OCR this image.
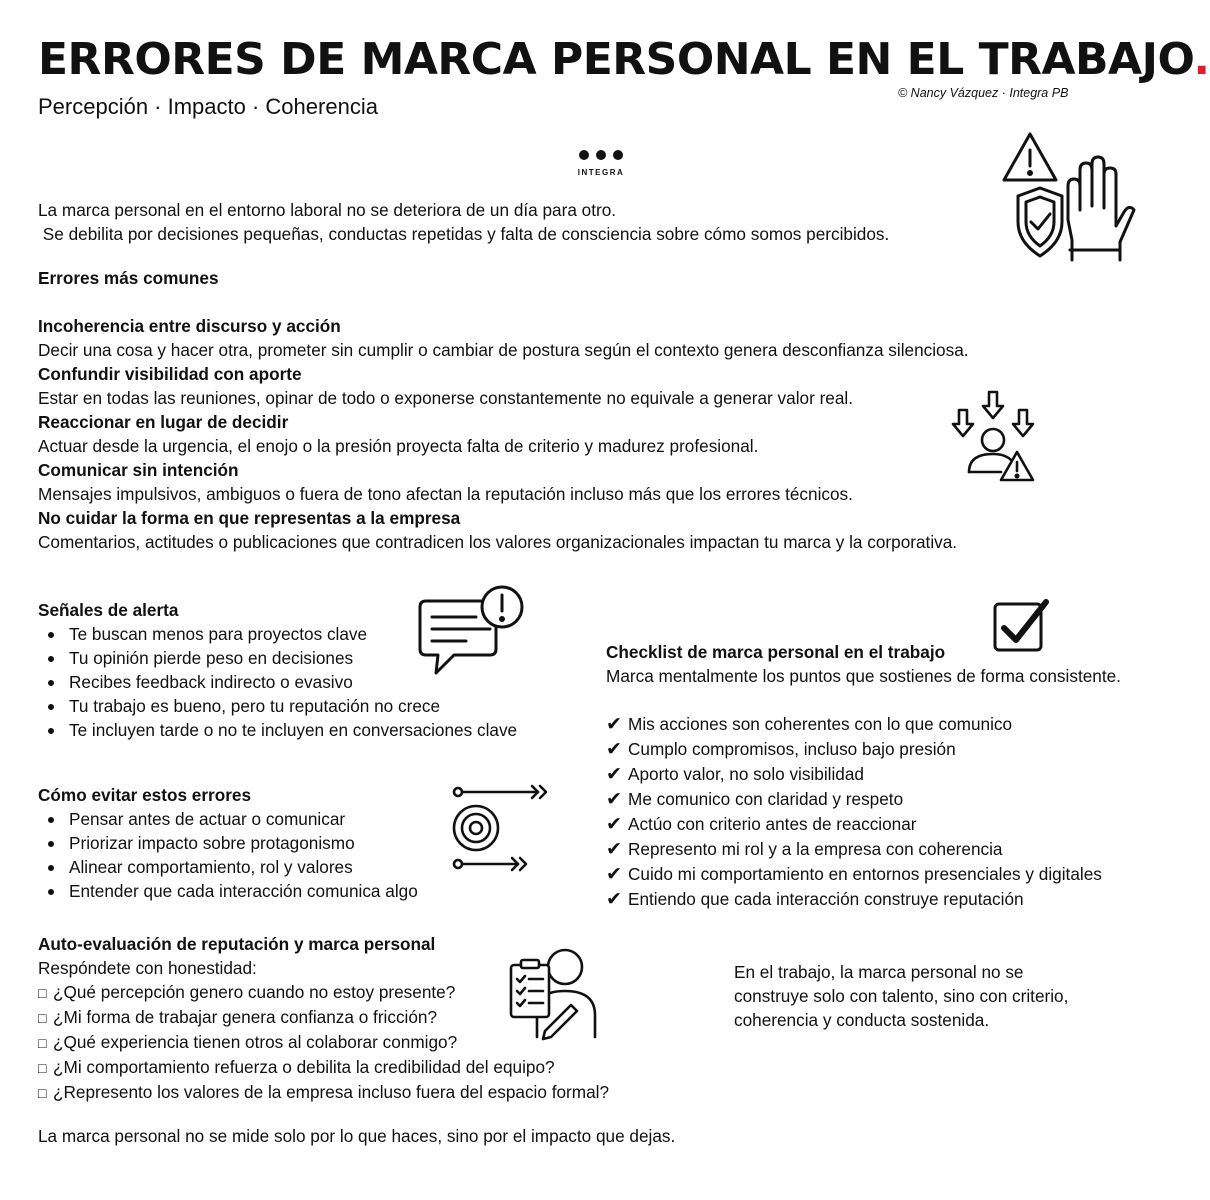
ERRORES DE MARCA PERSONAL EN EL TRABAJO.
Percepción · Impacto · Coherencia
© Nancy Vázquez · Integra PB
INTEGRA
La marca personal en el entorno laboral no se deteriora de un día para otro.
Se debilita por decisiones pequeñas, conductas repetidas y falta de consciencia sobre cómo somos percibidos.
Errores más comunes
Incoherencia entre discurso y acción
Decir una cosa y hacer otra, prometer sin cumplir o cambiar de postura según el contexto genera desconfianza silenciosa.
Confundir visibilidad con aporte
Estar en todas las reuniones, opinar de todo o exponerse constantemente no equivale a generar valor real.
Reaccionar en lugar de decidir
Actuar desde la urgencia, el enojo o la presión proyecta falta de criterio y madurez profesional.
Comunicar sin intención
Mensajes impulsivos, ambiguos o fuera de tono afectan la reputación incluso más que los errores técnicos.
No cuidar la forma en que representas a la empresa
Comentarios, actitudes o publicaciones que contradicen los valores organizacionales impactan tu marca y la corporativa.
Señales de alerta
Te buscan menos para proyectos clave
Tu opinión pierde peso en decisiones
Recibes feedback indirecto o evasivo
Tu trabajo es bueno, pero tu reputación no crece
Te incluyen tarde o no te incluyen en conversaciones clave
Cómo evitar estos errores
Pensar antes de actuar o comunicar
Priorizar impacto sobre protagonismo
Alinear comportamiento, rol y valores
Entender que cada interacción comunica algo
Checklist de marca personal en el trabajo
Marca mentalmente los puntos que sostienes de forma consistente.
✔ Mis acciones son coherentes con lo que comunico
✔ Cumplo compromisos, incluso bajo presión
✔ Aporto valor, no solo visibilidad
✔ Me comunico con claridad y respeto
✔ Actúo con criterio antes de reaccionar
✔ Represento mi rol y a la empresa con coherencia
✔ Cuido mi comportamiento en entornos presenciales y digitales
✔ Entiendo que cada interacción construye reputación
Auto-evaluación de reputación y marca personal
Respóndete con honestidad:
□ ¿Qué percepción genero cuando no estoy presente?
□ ¿Mi forma de trabajar genera confianza o fricción?
□ ¿Qué experiencia tienen otros al colaborar conmigo?
□ ¿Mi comportamiento refuerza o debilita la credibilidad del equipo?
□ ¿Represento los valores de la empresa incluso fuera del espacio formal?
En el trabajo, la marca personal no se
construye solo con talento, sino con criterio,
coherencia y conducta sostenida.
La marca personal no se mide solo por lo que haces, sino por el impacto que dejas.
